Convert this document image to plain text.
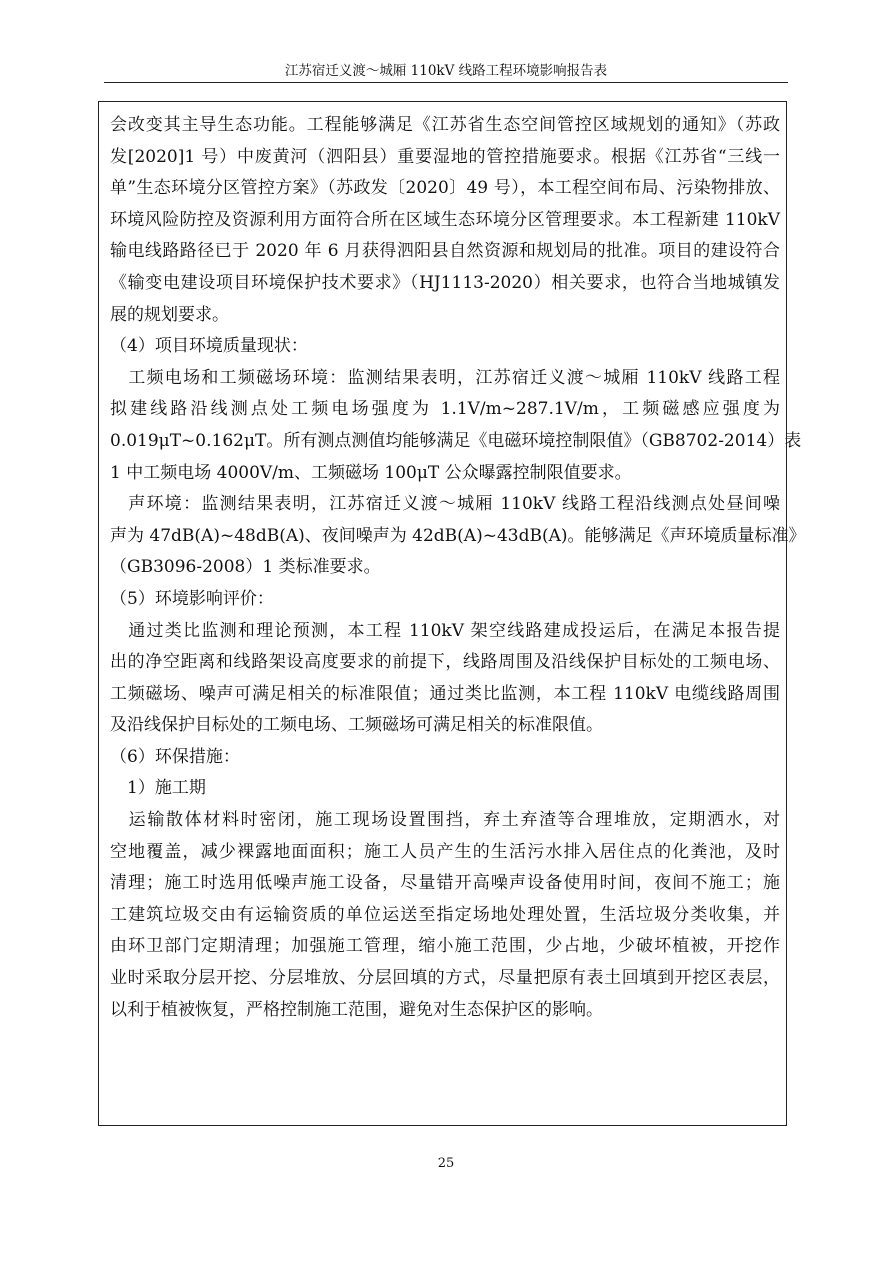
江苏宿迁义渡～城厢 110kV 线路工程环境影响报告表
会改变其主导生态功能。工程能够满足《江苏省生态空间管控区域规划的通知》（苏政
发[2020]1 号）中废黄河（泗阳县）重要湿地的管控措施要求。根据《江苏省“三线一
单”生态环境分区管控方案》（苏政发〔2020〕49 号），本工程空间布局、污染物排放、
环境风险防控及资源利用方面符合所在区域生态环境分区管理要求。本工程新建 110kV
输电线路路径已于 2020 年 6 月获得泗阳县自然资源和规划局的批准。项目的建设符合
《输变电建设项目环境保护技术要求》（HJ1113-2020）相关要求，也符合当地城镇发
展的规划要求。
（4）项目环境质量现状：
　工频电场和工频磁场环境：监测结果表明，江苏宿迁义渡～城厢 110kV 线路工程
拟建线路沿线测点处工频电场强度为 1.1V/m~287.1V/m，工频磁感应强度为
0.019μT~0.162μT。所有测点测值均能够满足《电磁环境控制限值》（GB8702-2014）表
1 中工频电场 4000V/m、工频磁场 100μT 公众曝露控制限值要求。
　声环境：监测结果表明，江苏宿迁义渡～城厢 110kV 线路工程沿线测点处昼间噪
声为 47dB(A)~48dB(A)、夜间噪声为 42dB(A)~43dB(A)。能够满足《声环境质量标准》
（GB3096-2008）1 类标准要求。
（5）环境影响评价：
　通过类比监测和理论预测，本工程 110kV 架空线路建成投运后，在满足本报告提
出的净空距离和线路架设高度要求的前提下，线路周围及沿线保护目标处的工频电场、
工频磁场、噪声可满足相关的标准限值；通过类比监测，本工程 110kV 电缆线路周围
及沿线保护目标处的工频电场、工频磁场可满足相关的标准限值。
（6）环保措施：
　1）施工期
　运输散体材料时密闭，施工现场设置围挡，弃土弃渣等合理堆放，定期洒水，对
空地覆盖，减少裸露地面面积；施工人员产生的生活污水排入居住点的化粪池，及时
清理；施工时选用低噪声施工设备，尽量错开高噪声设备使用时间，夜间不施工；施
工建筑垃圾交由有运输资质的单位运送至指定场地处理处置，生活垃圾分类收集，并
由环卫部门定期清理；加强施工管理，缩小施工范围，少占地，少破坏植被，开挖作
业时采取分层开挖、分层堆放、分层回填的方式，尽量把原有表土回填到开挖区表层，
以利于植被恢复，严格控制施工范围，避免对生态保护区的影响。
25
